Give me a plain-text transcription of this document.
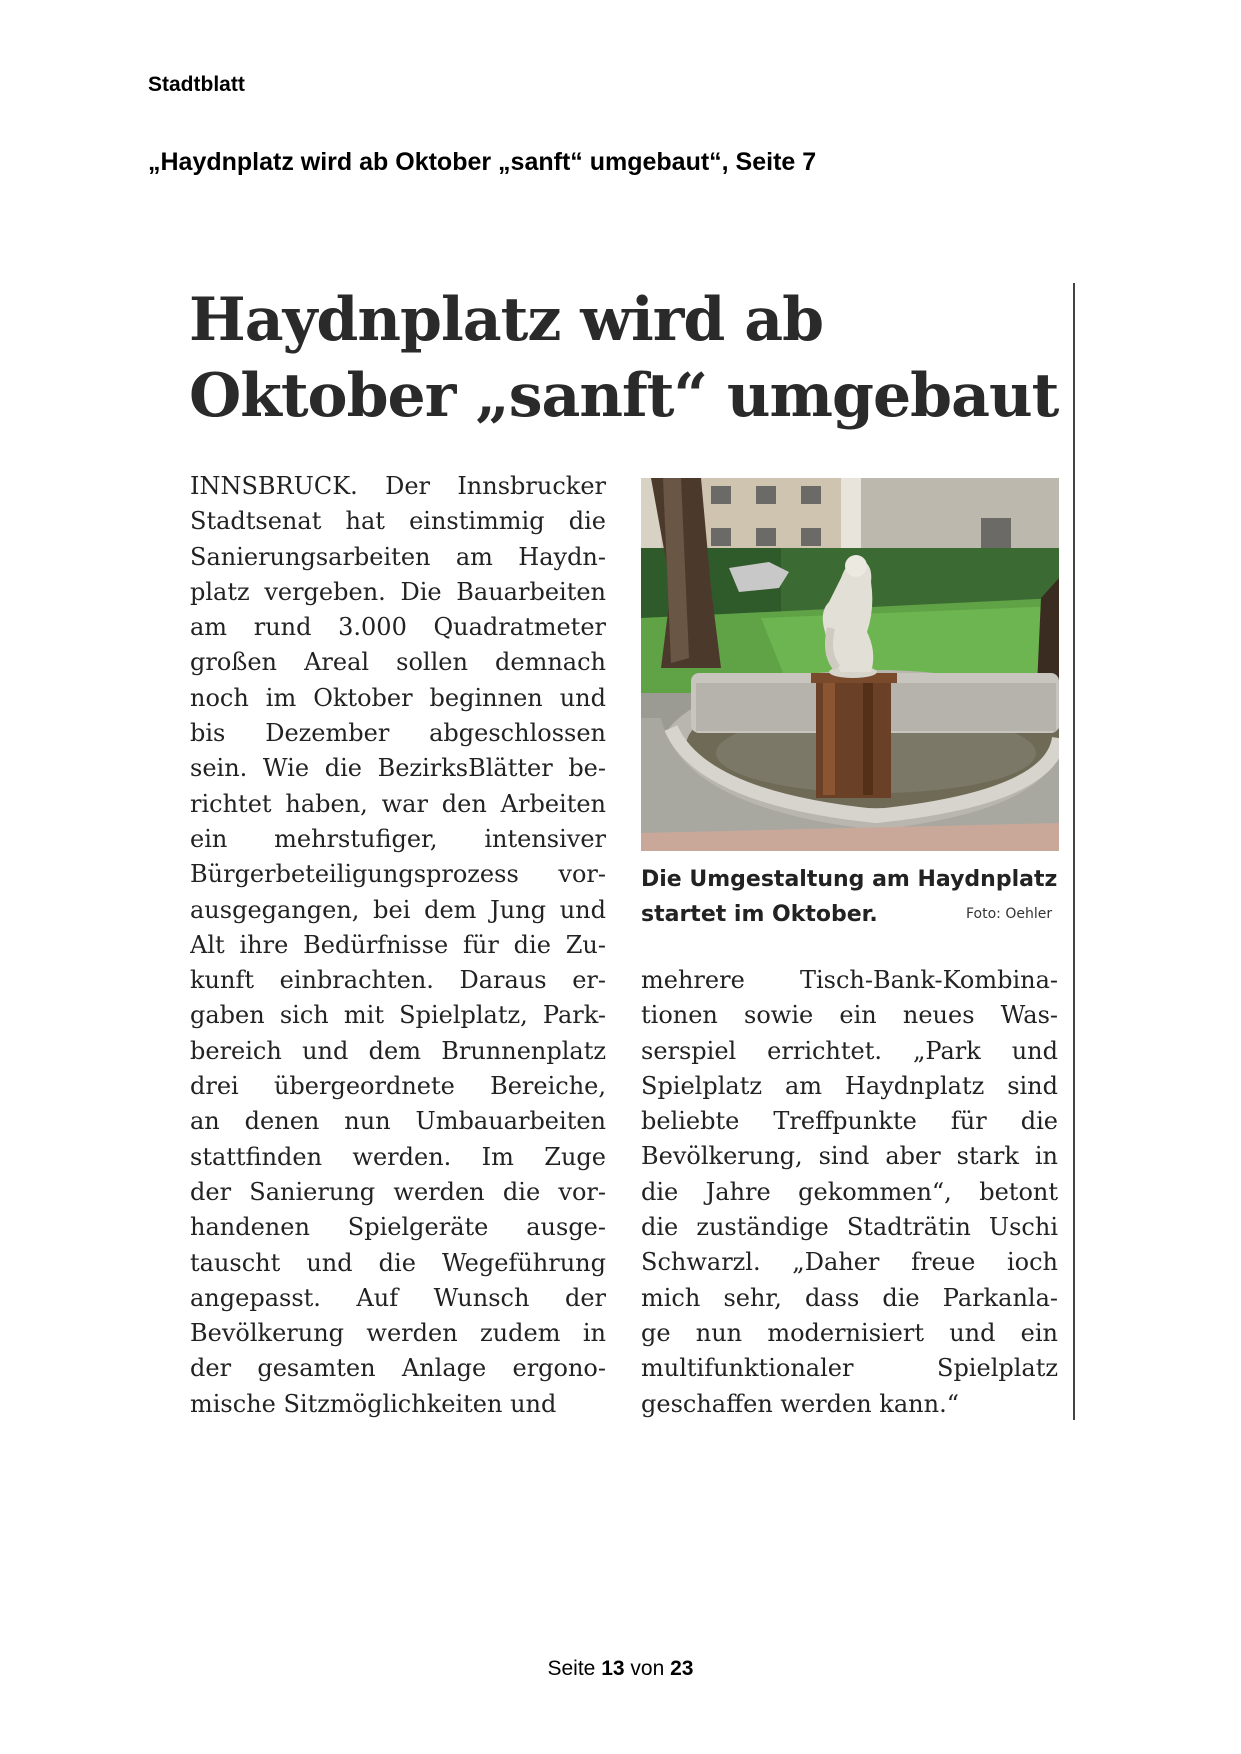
Stadtblatt
„Haydnplatz wird ab Oktober „sanft“ umgebaut“, Seite 7
Haydnplatz wird ab
Oktober „sanft“ umgebaut
INNSBRUCK. Der Innsbrucker
Stadtsenat hat einstimmig die
Sanierungsarbeiten am Haydn-
platz vergeben. Die Bauarbeiten
am rund 3.000 Quadratmeter
großen Areal sollen demnach
noch im Oktober beginnen und
bis Dezember abgeschlossen
sein. Wie die BezirksBlätter be-
richtet haben, war den Arbeiten
ein mehrstufiger, intensiver
Bürgerbeteiligungsprozess vor-
ausgegangen, bei dem Jung und
Alt ihre Bedürfnisse für die Zu-
kunft einbrachten. Daraus er-
gaben sich mit Spielplatz, Park-
bereich und dem Brunnenplatz
drei übergeordnete Bereiche,
an denen nun Umbauarbeiten
stattfinden werden. Im Zuge
der Sanierung werden die vor-
handenen Spielgeräte ausge-
tauscht und die Wegeführung
angepasst. Auf Wunsch der
Bevölkerung werden zudem in
der gesamten Anlage ergono-
mische Sitzmöglichkeiten und
Die Umgestaltung am Haydnplatz
startet im Oktober.	Foto: Oehler
mehrere Tisch-Bank-Kombina-
tionen sowie ein neues Was-
serspiel errichtet. „Park und
Spielplatz am Haydnplatz sind
beliebte Treffpunkte für die
Bevölkerung, sind aber stark in
die Jahre gekommen“, betont
die zuständige Stadträtin Uschi
Schwarzl. „Daher freue ioch
mich sehr, dass die Parkanla-
ge nun modernisiert und ein
multifunktionaler Spielplatz
geschaffen werden kann.“
Seite 13 von 23
